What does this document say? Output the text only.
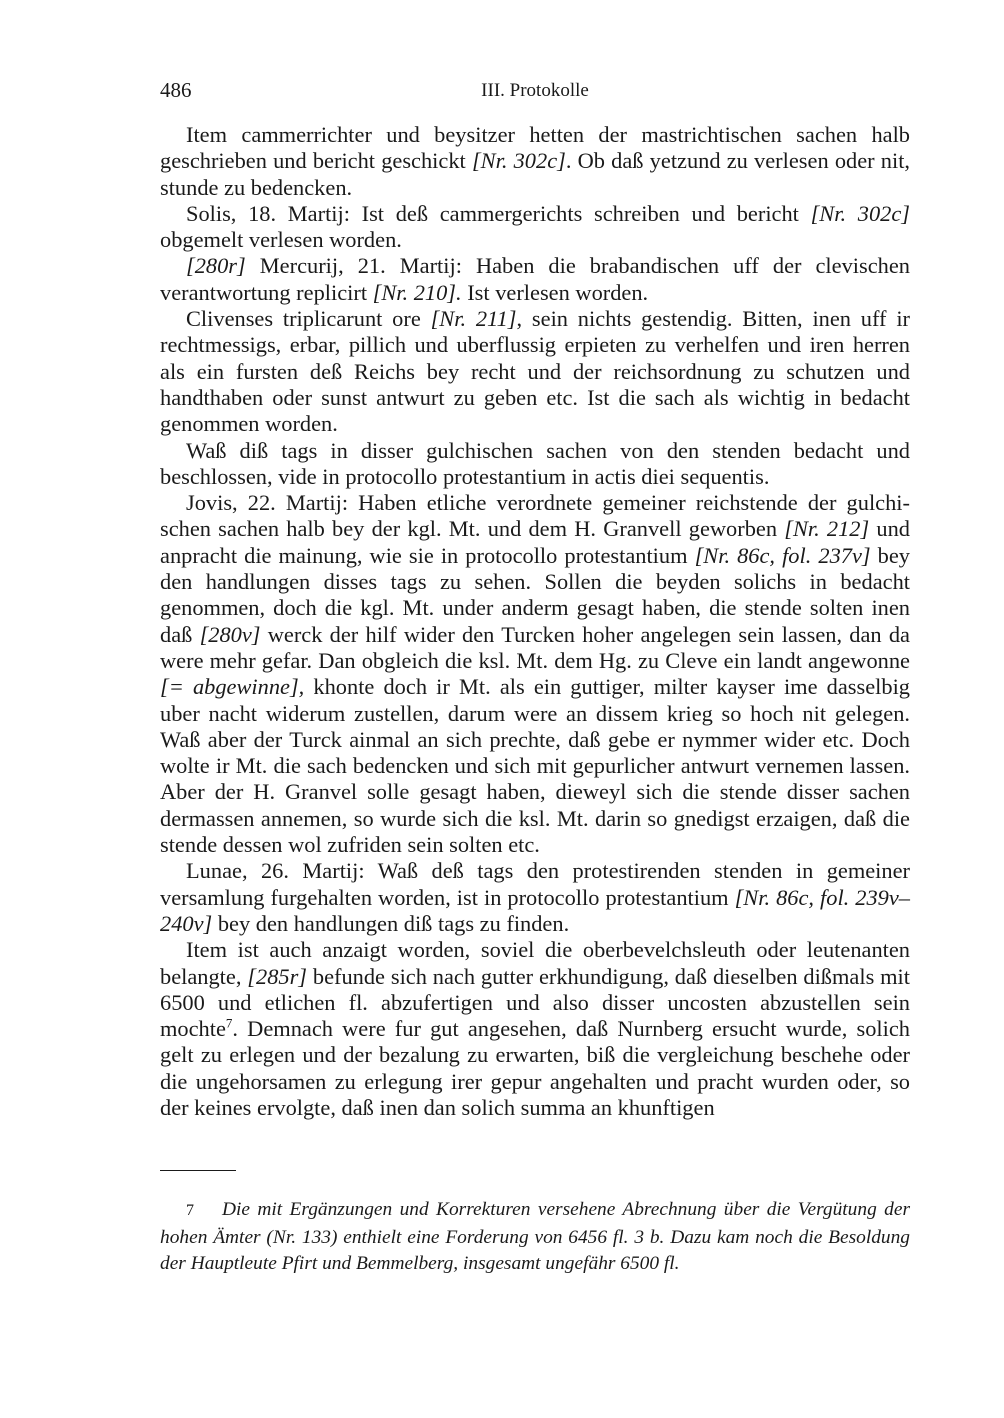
486	III. Protokolle

Item cammerrichter und beysitzer hetten der mastrichtischen sachen halb geschrieben und bericht geschickt [Nr. 302c]. Ob daß yetzund zu verlesen oder nit, stunde zu bedencken.

Solis, 18. Martij: Ist deß cammergerichts schreiben und bericht [Nr. 302c] obgemelt verlesen worden.

[280r] Mercurij, 21. Martij: Haben die brabandischen uff der clevischen verantwortung replicirt [Nr. 210]. Ist verlesen worden.

Clivenses triplicarunt ore [Nr. 211], sein nichts gestendig. Bitten, inen uff ir rechtmessigs, erbar, pillich und uberflussig erpieten zu verhelfen und iren herren als ein fursten deß Reichs bey recht und der reichsordnung zu schutzen und handthaben oder sunst antwurt zu geben etc. Ist die sach als wichtig in bedacht genommen worden.

Waß diß tags in disser gulchischen sachen von den stenden bedacht und beschlossen, vide in protocollo protestantium in actis diei sequentis.

Jovis, 22. Martij: Haben etliche verordnete gemeiner reichstende der gulchischen sachen halb bey der kgl. Mt. und dem H. Granvell geworben [Nr. 212] und anpracht die mainung, wie sie in protocollo protestantium [Nr. 86c, fol. 237v] bey den handlungen disses tags zu sehen. Sollen die beyden solichs in bedacht genommen, doch die kgl. Mt. under anderm gesagt haben, die stende solten inen daß [280v] werck der hilf wider den Turcken hoher angelegen sein lassen, dan da were mehr gefar. Dan obgleich die ksl. Mt. dem Hg. zu Cleve ein landt angewonne [= abgewinne], khonte doch ir Mt. als ein guttiger, milter kayser ime dasselbig uber nacht widerum zustellen, darum were an dissem krieg so hoch nit gelegen. Waß aber der Turck ainmal an sich prechte, daß gebe er nymmer wider etc. Doch wolte ir Mt. die sach bedencken und sich mit gepurlicher antwurt vernemen lassen. Aber der H. Granvel solle gesagt haben, dieweyl sich die stende disser sachen dermassen annemen, so wurde sich die ksl. Mt. darin so gnedigst erzaigen, daß die stende dessen wol zufriden sein solten etc.

Lunae, 26. Martij: Waß deß tags den protestirenden stenden in gemeiner versamlung furgehalten worden, ist in protocollo protestantium [Nr. 86c, fol. 239v–240v] bey den handlungen diß tags zu finden.

Item ist auch anzaigt worden, soviel die oberbevelchsleuth oder leutenanten belangte, [285r] befunde sich nach gutter erkhundigung, daß dieselben dißmals mit 6500 und etlichen fl. abzufertigen und also disser uncosten abzustellen sein mochte$^7$. Demnach were fur gut angesehen, daß Nurnberg ersucht wurde, solich gelt zu erlegen und der bezalung zu erwarten, biß die vergleichung beschehe oder die ungehorsamen zu erlegung irer gepur angehalten und pracht wurden oder, so der keines ervolgte, daß inen dan solich summa an khunftigen

7 Die mit Ergänzungen und Korrekturen versehene Abrechnung über die Vergütung der hohen Ämter (Nr. 133) enthielt eine Forderung von 6456 fl. 3 b. Dazu kam noch die Besoldung der Hauptleute Pfirt und Bemmelberg, insgesamt ungefähr 6500 fl.
